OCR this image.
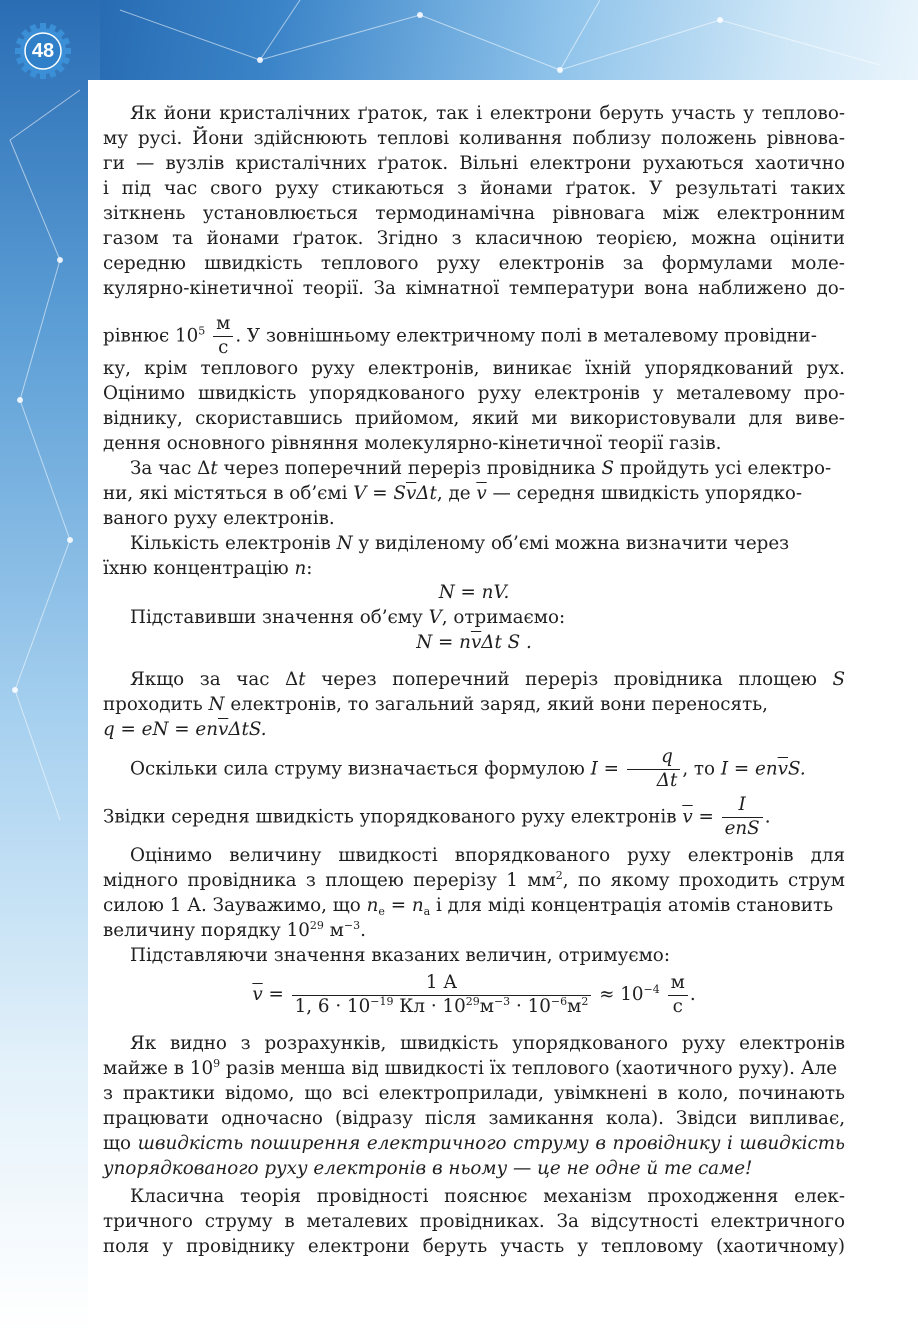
48
Як йони кристалічних ґраток, так і електрони беруть участь у теплово-
му русі. Йони здійснюють теплові коливання поблизу положень рівнова-
ги — вузлів кристалічних ґраток. Вільні електрони рухаються хаотично
і під час свого руху стикаються з йонами ґраток. У результаті таких
зіткнень установлюється термодинамічна рівновага між електронним
газом та йонами ґраток. Згідно з класичною теорією, можна оцінити
середню швидкість теплового руху електронів за формулами моле-
кулярно-кінетичної теорії. За кімнатної температури вона наближено до-
рівнює $10^5 \frac{м}{с}$ . У зовнішньому електричному полі в металевому провідни-
ку, крім теплового руху електронів, виникає їхній упорядкований рух.
Оцінимо швидкість упорядкованого руху електронів у металевому про-
віднику, скориставшись прийомом, який ми використовували для виве-
дення основного рівняння молекулярно-кінетичної теорії газів.
За час Δt через поперечний переріз провідника S пройдуть усі електро-
ни, які містяться в об’ємі $V = S\overline{v}\Delta t$, де $\overline{v}$ — середня швидкість упорядко-
ваного руху електронів.
Кількість електронів N у виділеному об’ємі можна визначити через
їхню концентрацію n:
N = nV.
Підставивши значення об’єму V, отримаємо:
$N = n\overline{v}\Delta t$ S .
Якщо за час Δt через поперечний переріз провідника площею S
проходить N електронів, то загальний заряд, який вони переносять,
q = eN = $en\overline{v}\Delta tS$.
Оскільки сила струму визначається формулою $I = \frac{q}{\Delta t}$ , то $I = en\overline{v}S$.
Звідки середня швидкість упорядкованого руху електронів $\overline{v} = \frac{I}{\text{enS}}$ .
Оцінимо величину швидкості впорядкованого руху електронів для
мідного провідника з площею перерізу 1 $мм^2$, по якому проходить струм
силою 1 А. Зауважимо, що $n_е = n_а$ і для міді концентрація атомів становить
величину порядку $10^{29}$ $м^{-3}$.
Підставляючи значення вказаних величин, отримуємо:
$\overline{v} = \frac{1 А}{1, 6 \cdot 10^{-19} Кл \cdot 10^{29}м^{-3} \cdot 10^{-6}м^2} \approx 10^{-4} \frac{м}{с}$ .
Як видно з розрахунків, швидкість упорядкованого руху електронів
майже в $10^9$ разів менша від швидкості їх теплового (хаотичного руху). Але
з практики відомо, що всі електроприлади, увімкнені в коло, починають
працювати одночасно (відразу після замикання кола). Звідси випливає,
що швидкість поширення електричного струму в провіднику і швидкість
упорядкованого руху електронів в ньому — це не одне й те саме!
Класична теорія провідності пояснює механізм проходження елек-
тричного струму в металевих провідниках. За відсутності електричного
поля у провіднику електрони беруть участь у тепловому (хаотичному)
